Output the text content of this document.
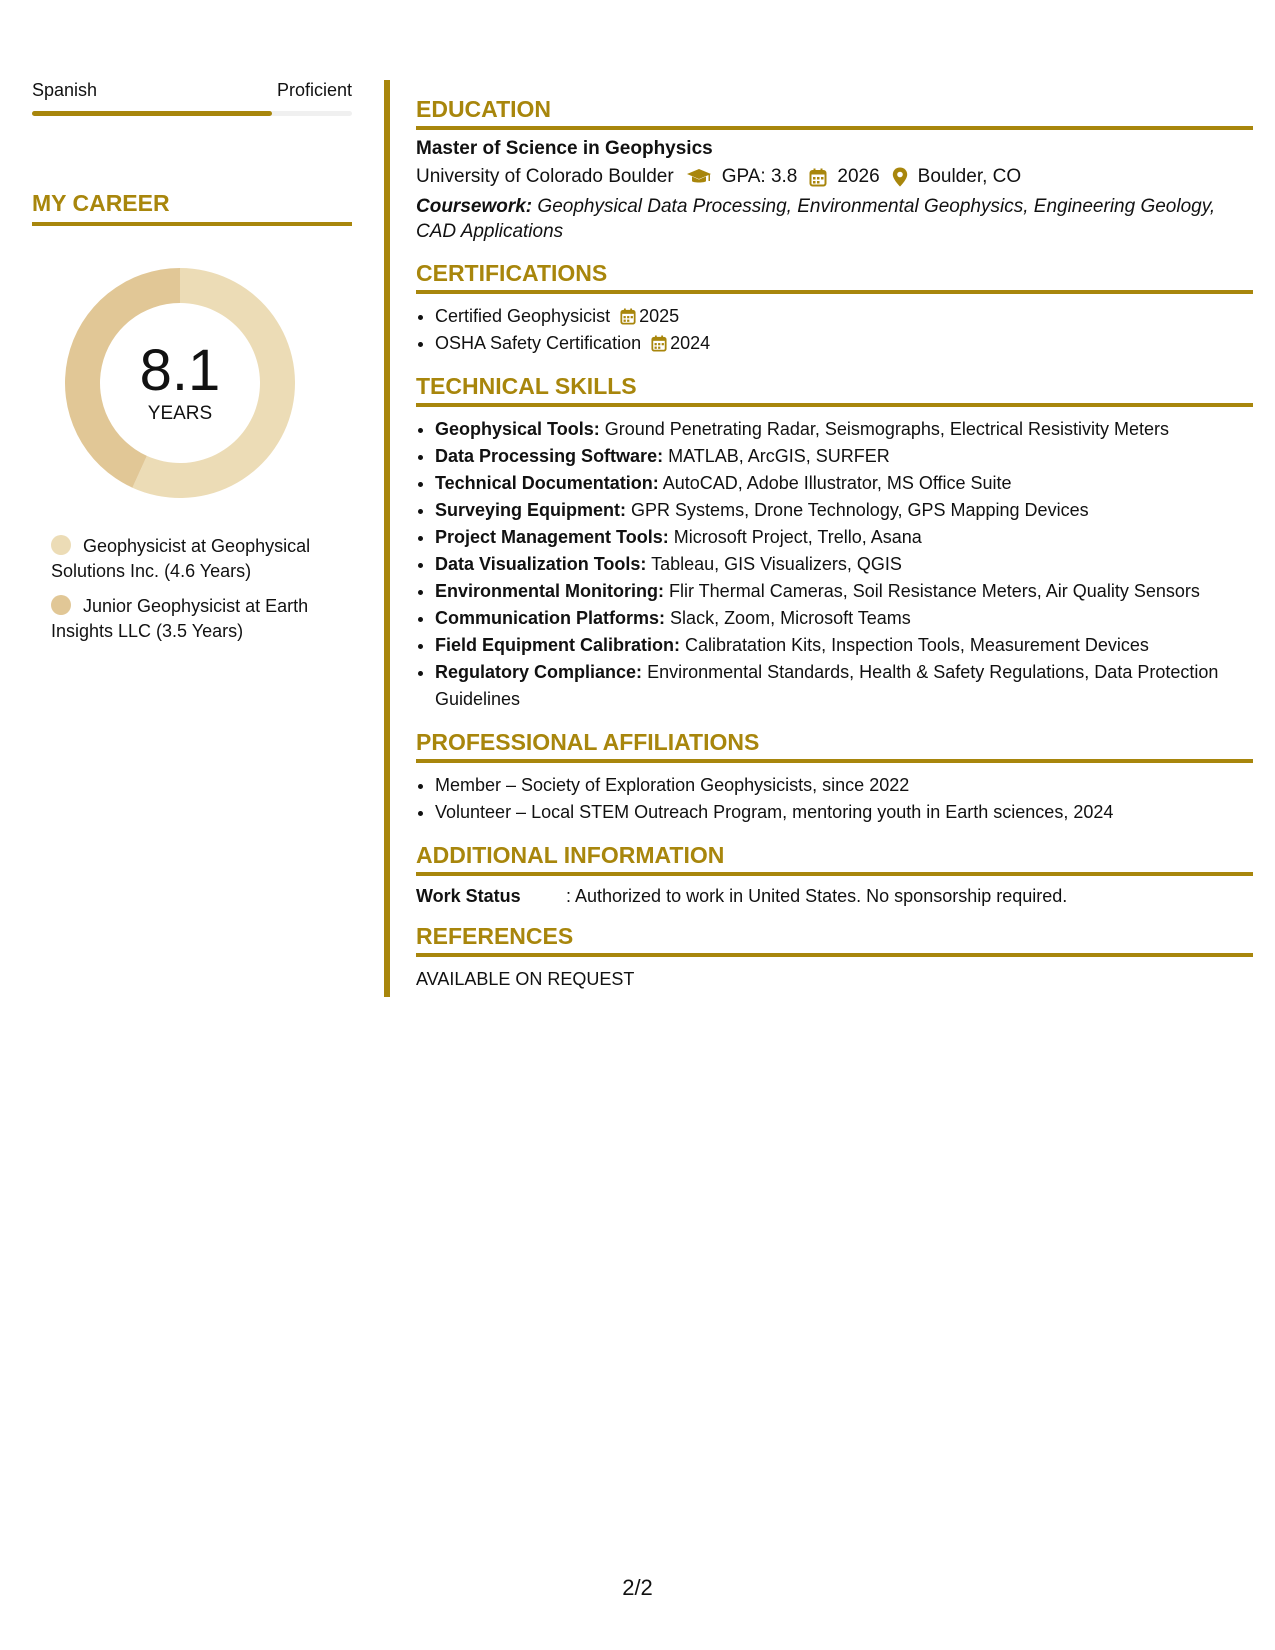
Spanish	Proficient
MY CAREER
8.1
YEARS
Geophysicist at Geophysical Solutions Inc. (4.6 Years)
Junior Geophysicist at Earth Insights LLC (3.5 Years)
EDUCATION
Master of Science in Geophysics
University of Colorado Boulder	GPA: 3.8 2026 Boulder, CO
Coursework: Geophysical Data Processing, Environmental Geophysics, Engineering Geology, CAD Applications
CERTIFICATIONS
• Certified Geophysicist 2025
• OSHA Safety Certification 2024
TECHNICAL SKILLS
• Geophysical Tools: Ground Penetrating Radar, Seismographs, Electrical Resistivity Meters
• Data Processing Software: MATLAB, ArcGIS, SURFER
• Technical Documentation: AutoCAD, Adobe Illustrator, MS Office Suite
• Surveying Equipment: GPR Systems, Drone Technology, GPS Mapping Devices
• Project Management Tools: Microsoft Project, Trello, Asana
• Data Visualization Tools: Tableau, GIS Visualizers, QGIS
• Environmental Monitoring: Flir Thermal Cameras, Soil Resistance Meters, Air Quality Sensors
• Communication Platforms: Slack, Zoom, Microsoft Teams
• Field Equipment Calibration: Calibratation Kits, Inspection Tools, Measurement Devices
• Regulatory Compliance: Environmental Standards, Health & Safety Regulations, Data Protection Guidelines
PROFESSIONAL AFFILIATIONS
• Member – Society of Exploration Geophysicists, since 2022
• Volunteer – Local STEM Outreach Program, mentoring youth in Earth sciences, 2024
ADDITIONAL INFORMATION
Work Status	: Authorized to work in United States. No sponsorship required.
REFERENCES
AVAILABLE ON REQUEST
2/2
